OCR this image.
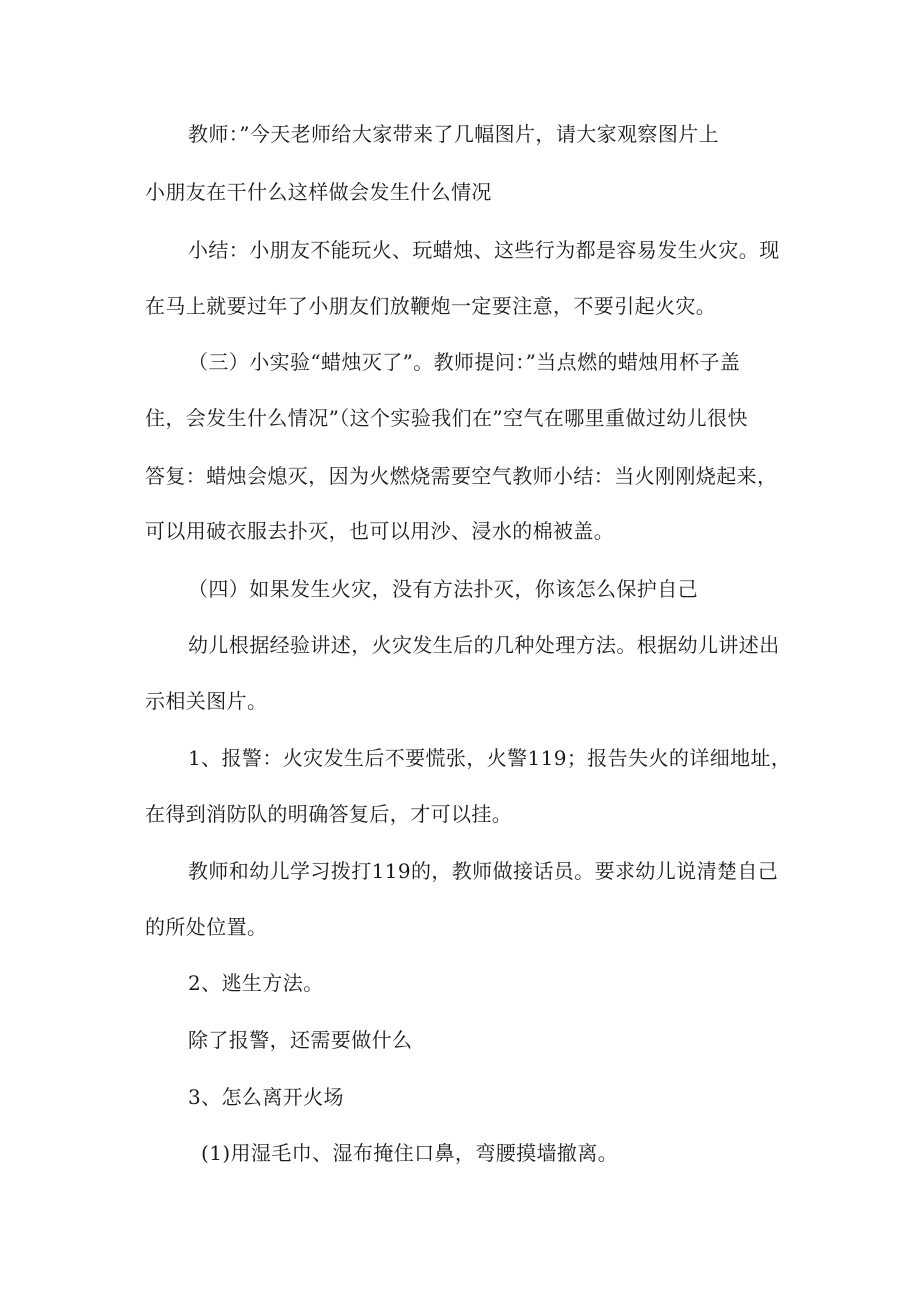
教师：”今天老师给大家带来了几幅图片，请大家观察图片上
小朋友在干什么这样做会发生什么情况
小结：小朋友不能玩火、玩蜡烛、这些行为都是容易发生火灾。现
在马上就要过年了小朋友们放鞭炮一定要注意，不要引起火灾。
（三）小实验“蜡烛灭了”。教师提问：”当点燃的蜡烛用杯子盖
住，会发生什么情况”（这个实验我们在”空气在哪里重做过幼儿很快
答复：蜡烛会熄灭，因为火燃烧需要空气教师小结：当火刚刚烧起来，
可以用破衣服去扑灭，也可以用沙、浸水的棉被盖。
（四）如果发生火灾，没有方法扑灭，你该怎么保护自己
幼儿根据经验讲述，火灾发生后的几种处理方法。根据幼儿讲述出
示相关图片。
1、报警：火灾发生后不要慌张，火警119；报告失火的详细地址，
在得到消防队的明确答复后，才可以挂。
教师和幼儿学习拨打119的，教师做接话员。要求幼儿说清楚自己
的所处位置。
2、逃生方法。
除了报警，还需要做什么
3、怎么离开火场
(1)用湿毛巾、湿布掩住口鼻，弯腰摸墙撤离。
